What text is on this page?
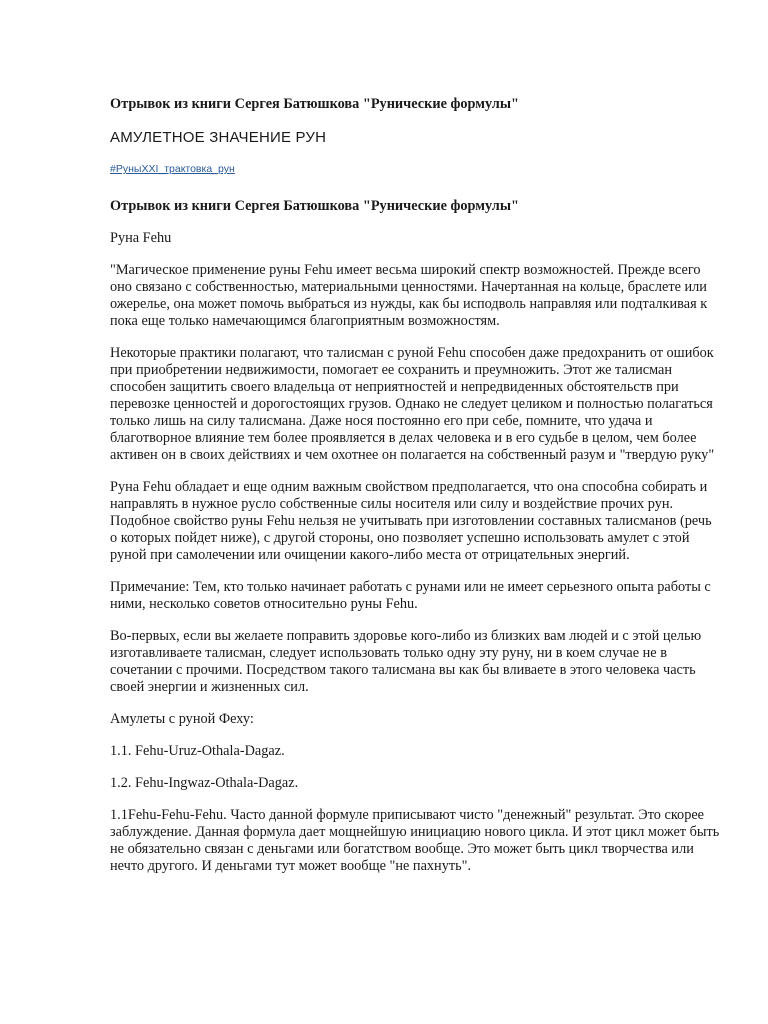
Отрывок из книги Сергея Батюшкова "Рунические формулы"

АМУЛЕТНОЕ ЗНАЧЕНИЕ РУН

#РуныXXI_трактовка_рун

Отрывок из книги Сергея Батюшкова "Рунические формулы"

Руна Fehu

"Магическое применение руны Fehu имеет весьма широкий спектр возможностей. Прежде всего оно связано с собственностью, материальными ценностями. Начертанная на кольце, браслете или ожерелье, она может помочь выбраться из нужды, как бы исподволь направляя или подталкивая к пока еще только намечающимся благоприятным возможностям.

Некоторые практики полагают, что талисман с руной Fehu способен даже предохранить от ошибок при приобретении недвижимости, помогает ее сохранить и преумножить. Этот же талисман способен защитить своего владельца от неприятностей и непредвиденных обстоятельств при перевозке ценностей и дорогостоящих грузов. Однако не следует целиком и полностью полагаться только лишь на силу талисмана. Даже нося постоянно его при себе, помните, что удача и благотворное влияние тем более проявляется в делах человека и в его судьбе в целом, чем более активен он в своих действиях и чем охотнее он полагается на собственный разум и "твердую руку"

Руна Fehu обладает и еще одним важным свойством предполагается, что она способна собирать и направлять в нужное русло собственные силы носителя или силу и воздействие прочих рун. Подобное свойство руны Fehu нельзя не учитывать при изготовлении составных талисманов (речь о которых пойдет ниже), с другой стороны, оно позволяет успешно использовать амулет с этой руной при самолечении или очищении какого-либо места от отрицательных энергий.

Примечание: Тем, кто только начинает работать с рунами или не имеет серьезного опыта работы с ними, несколько советов относительно руны Fehu.

Во-первых, если вы желаете поправить здоровье кого-либо из близких вам людей и с этой целью изготавливаете талисман, следует использовать только одну эту руну, ни в коем случае не в сочетании с прочими. Посредством такого талисмана вы как бы вливаете в этого человека часть своей энергии и жизненных сил.

Амулеты с руной Феху:

1.1. Fehu-Uruz-Othala-Dagaz.

1.2. Fehu-Ingwaz-Othala-Dagaz.

1.1Fehu-Fehu-Fehu. Часто данной формуле приписывают чисто "денежный" результат. Это скорее заблуждение. Данная формула дает мощнейшую инициацию нового цикла. И этот цикл может быть не обязательно связан с деньгами или богатством вообще. Это может быть цикл творчества или нечто другого. И деньгами тут может вообще "не пахнуть".
